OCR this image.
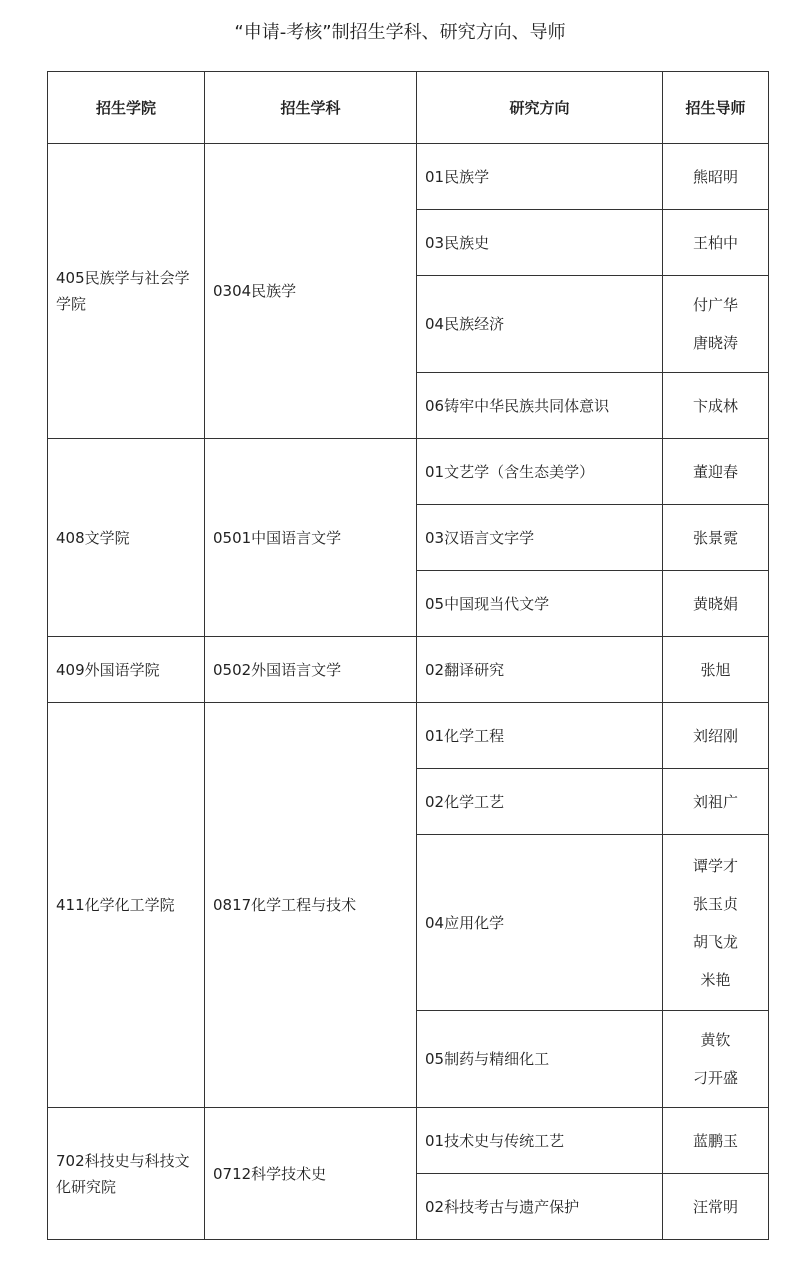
“申请-考核”制招生学科、研究方向、导师
招生学院	招生学科	研究方向	招生导师
405民族学与社会学学院	0304民族学	01民族学	熊昭明

		03民族史	王柏中

		04民族经济	付广华
唐晓涛

		06铸牢中华民族共同体意识	卞成林

408文学院	0501中国语言文学	01文艺学（含生态美学）	董迎春

		03汉语言文字学	张景霓

		05中国现当代文学	黄晓娟

409外国语学院	0502外国语言文学	02翻译研究	张旭

411化学化工学院	0817化学工程与技术	01化学工程	刘绍刚

		02化学工艺	刘祖广

		04应用化学	谭学才
张玉贞
胡飞龙
米艳

		05制药与精细化工	黄钦
刁开盛

702科技史与科技文化研究院	0712科学技术史	01技术史与传统工艺	蓝鹏玉

		02科技考古与遗产保护	汪常明
